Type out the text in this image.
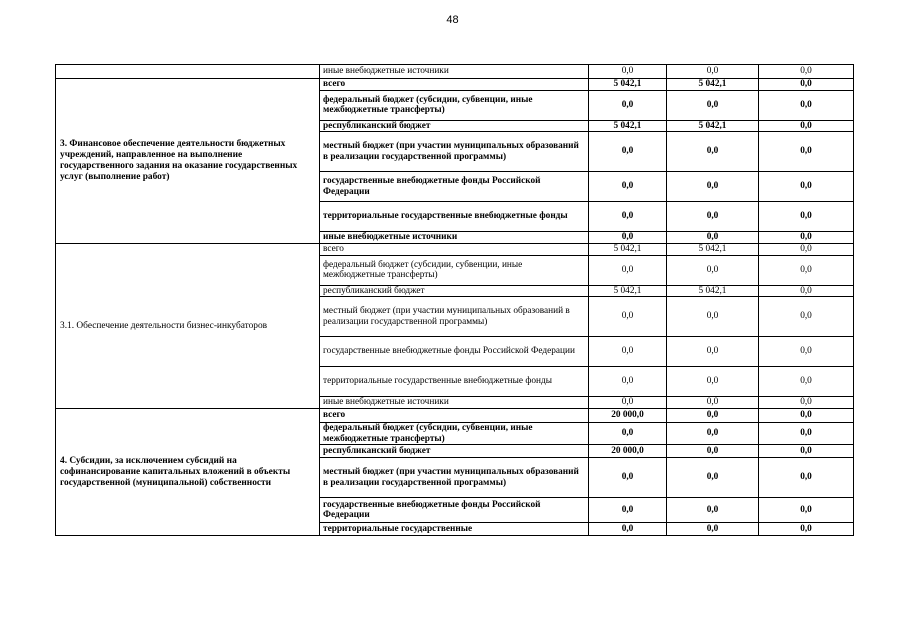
48
	иные внебюджетные источники	0,0	0,0	0,0
3. Финансовое обеспечение деятельности бюджетных учреждений, направленное на выполнение государственного задания на оказание государственных услуг (выполнение работ)	всего	5 042,1	5 042,1	0,0
	федеральный бюджет (субсидии, субвенции, иные межбюджетные трансферты)	0,0	0,0	0,0
	республиканский бюджет	5 042,1	5 042,1	0,0
	местный бюджет (при участии муниципальных образований в реализации государственной программы)	0,0	0,0	0,0
	государственные внебюджетные фонды Российской Федерации	0,0	0,0	0,0
	территориальные государственные внебюджетные фонды	0,0	0,0	0,0
	иные внебюджетные источники	0,0	0,0	0,0
3.1. Обеспечение деятельности бизнес-инкубаторов	всего	5 042,1	5 042,1	0,0
	федеральный бюджет (субсидии, субвенции, иные межбюджетные трансферты)	0,0	0,0	0,0
	республиканский бюджет	5 042,1	5 042,1	0,0
	местный бюджет (при участии муниципальных образований в реализации государственной программы)	0,0	0,0	0,0
	государственные внебюджетные фонды Российской Федерации	0,0	0,0	0,0
	территориальные государственные внебюджетные фонды	0,0	0,0	0,0
	иные внебюджетные источники	0,0	0,0	0,0
4. Субсидии, за исключением субсидий на софинансирование капитальных вложений в объекты государственной (муниципальной) собственности	всего	20 000,0	0,0	0,0
	федеральный бюджет (субсидии, субвенции, иные межбюджетные трансферты)	0,0	0,0	0,0
	республиканский бюджет	20 000,0	0,0	0,0
	местный бюджет (при участии муниципальных образований в реализации государственной программы)	0,0	0,0	0,0
	государственные внебюджетные фонды Российской Федерации	0,0	0,0	0,0
	территориальные государственные	0,0	0,0	0,0
